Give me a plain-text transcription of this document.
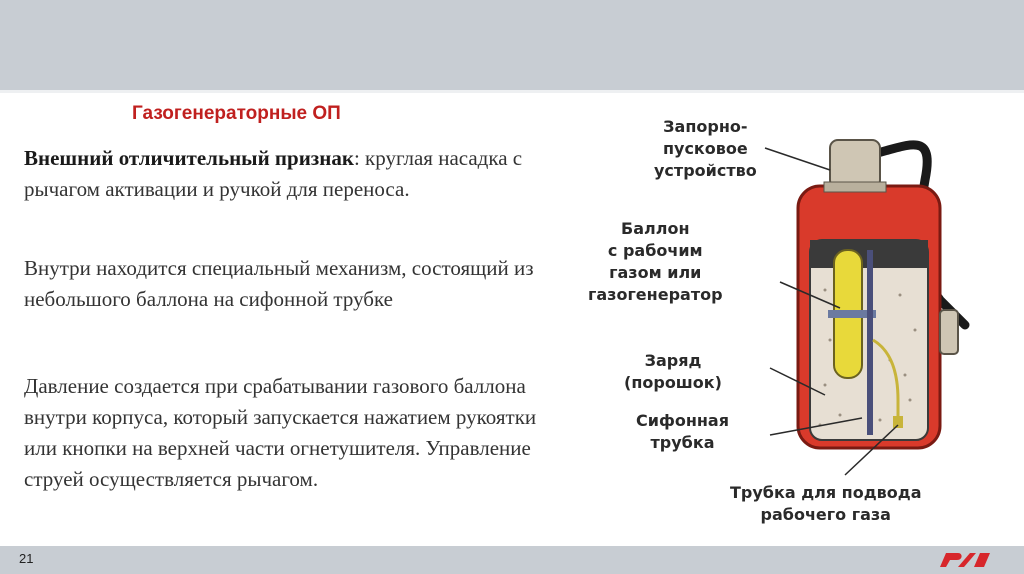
Газогенераторные ОП

Внешний отличительный признак: круглая насадка с рычагом активации и ручкой для переноса.

Внутри находится специальный механизм, состоящий из небольшого баллона на сифонной трубке

Давление создается при срабатывании газового баллона внутри корпуса, который запускается нажатием рукоятки или кнопки на верхней части огнетушителя. Управление струей осуществляется рычагом.

Запорно-
пусковое
устройство

Баллон
с рабочим
газом или
газогенератор

Заряд
(порошок)

Сифонная
трубка

Трубка для подвода
рабочего газа

21
